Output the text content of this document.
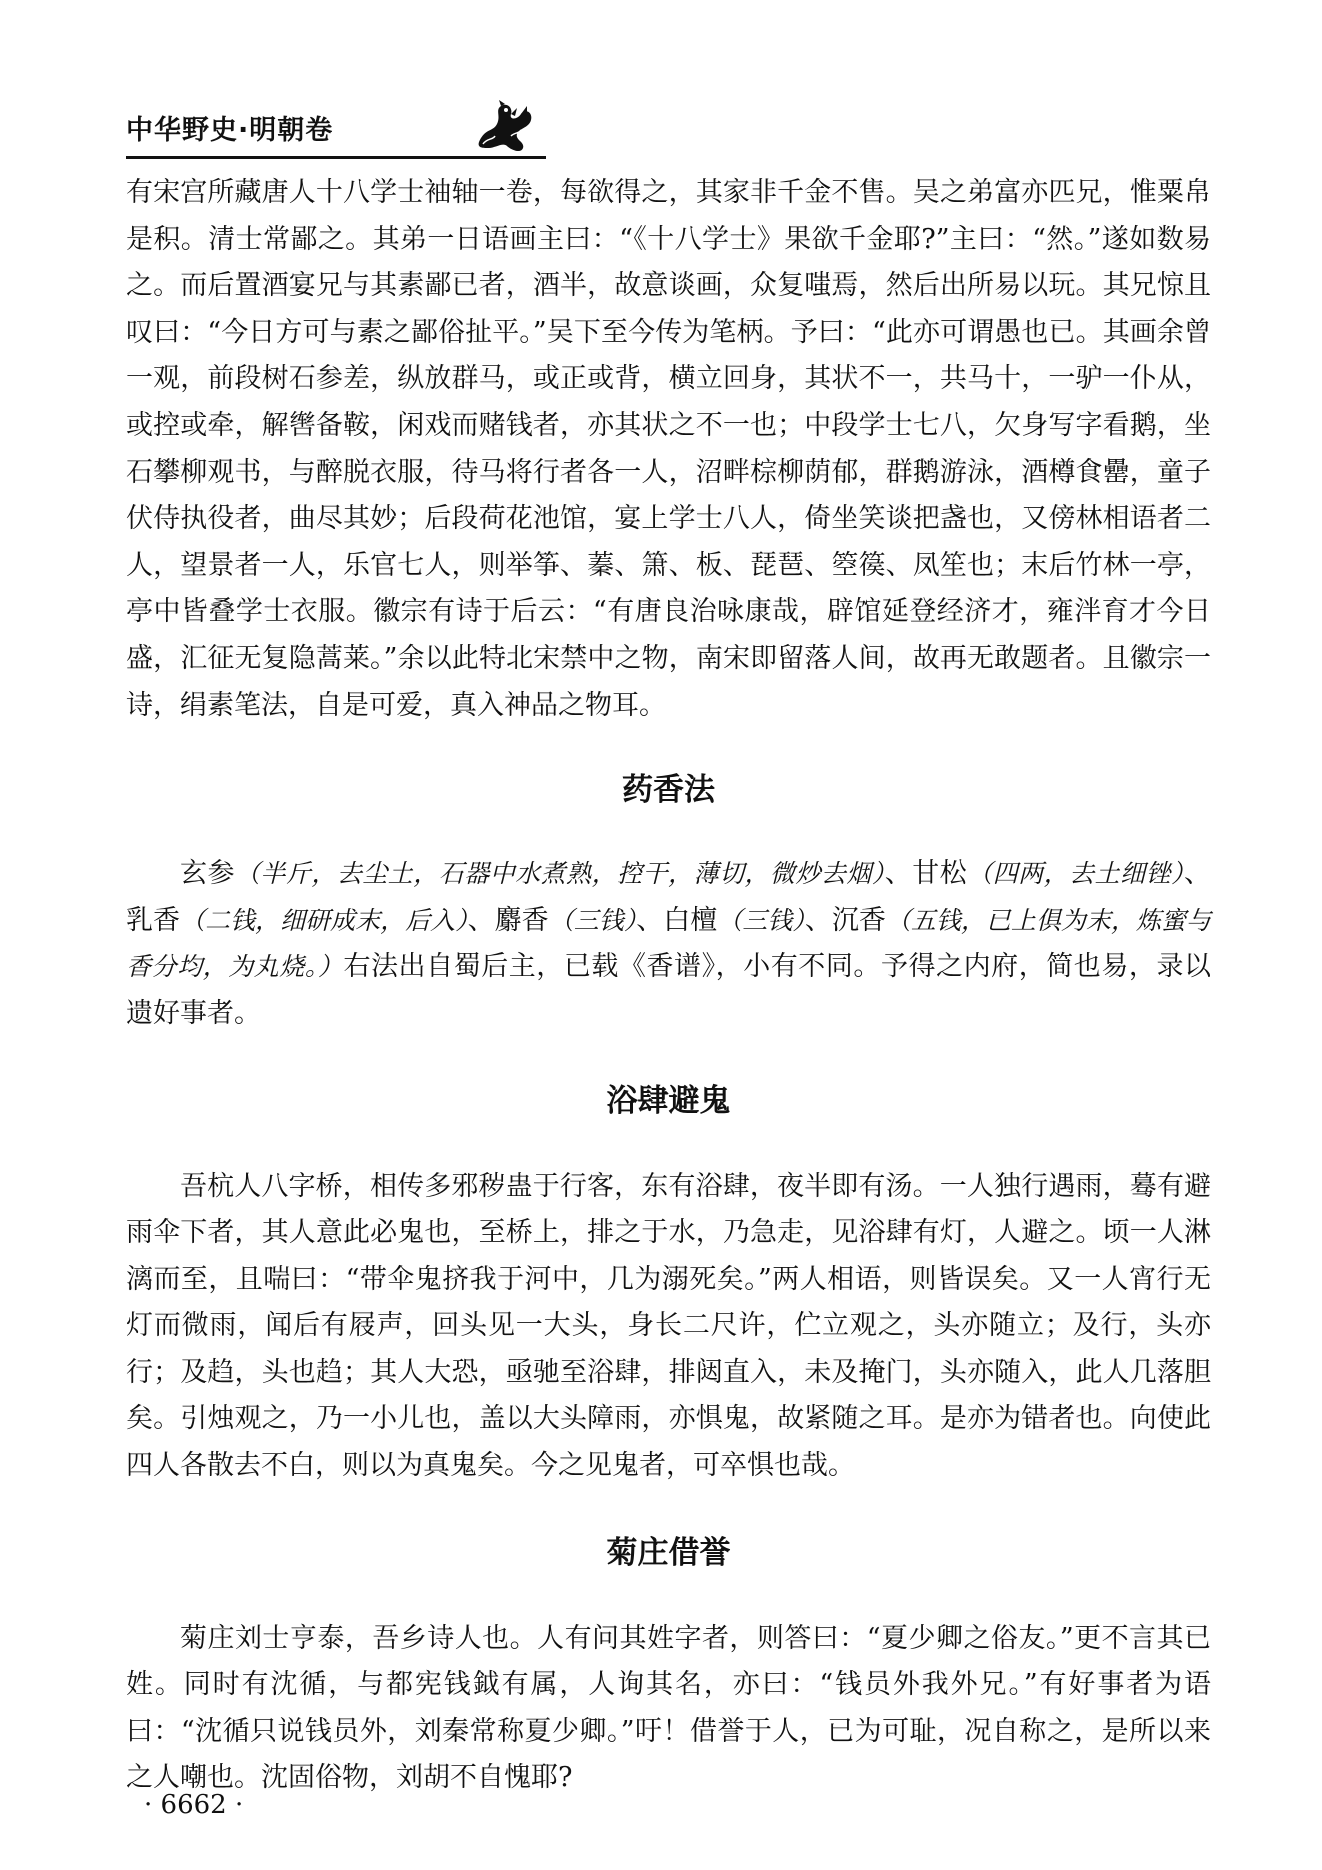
中华野史·明朝卷

有宋宫所藏唐人十八学士袖轴一卷，每欲得之，其家非千金不售。吴之弟富亦匹兄，惟粟帛是积。清士常鄙之。其弟一日语画主曰：“《十八学士》果欲千金耶?”主曰：“然。”遂如数易之。而后置酒宴兄与其素鄙已者，酒半，故意谈画，众复嗤焉，然后出所易以玩。其兄惊且叹曰：“今日方可与素之鄙俗扯平。”吴下至今传为笔柄。予曰：“此亦可谓愚也已。其画余曾一观，前段树石参差，纵放群马，或正或背，横立回身，其状不一，共马十，一驴一仆从，或控或牵，解辔备鞍，闲戏而赌钱者，亦其状之不一也；中段学士七八，欠身写字看鹅，坐石攀柳观书，与醉脱衣服，待马将行者各一人，沼畔棕柳荫郁，群鹅游泳，酒樽食罍，童子伏侍执役者，曲尽其妙；后段荷花池馆，宴上学士八人，倚坐笑谈把盏也，又傍林相语者二人，望景者一人，乐官七人，则举筝、蓁、箫、板、琵琶、箜篌、凤笙也；末后竹林一亭，亭中皆叠学士衣服。徽宗有诗于后云：“有唐良治咏康哉，辟馆延登经济才，雍泮育才今日盛，汇征无复隐蒿莱。”余以此特北宋禁中之物，南宋即留落人间，故再无敢题者。且徽宗一诗，绢素笔法，自是可爱，真入神品之物耳。

药香法

玄参（半斤，去尘土，石器中水煮熟，控干，薄切，微炒去烟）、甘松（四两，去土细锉）、乳香（二钱，细研成末，后入）、麝香（三钱）、白檀（三钱）、沉香（五钱，已上俱为末，炼蜜与香分均，为丸烧。）右法出自蜀后主，已载《香谱》，小有不同。予得之内府，简也易，录以遗好事者。

浴肆避鬼

吾杭人八字桥，相传多邪秽蛊于行客，东有浴肆，夜半即有汤。一人独行遇雨，蓦有避雨伞下者，其人意此必鬼也，至桥上，排之于水，乃急走，见浴肆有灯，人避之。顷一人淋漓而至，且喘曰：“带伞鬼挤我于河中，几为溺死矣。”两人相语，则皆误矣。又一人宵行无灯而微雨，闻后有屐声，回头见一大头，身长二尺许，伫立观之，头亦随立；及行，头亦行；及趋，头也趋；其人大恐，亟驰至浴肆，排闼直入，未及掩门，头亦随入，此人几落胆矣。引烛观之，乃一小儿也，盖以大头障雨，亦惧鬼，故紧随之耳。是亦为错者也。向使此四人各散去不白，则以为真鬼矣。今之见鬼者，可卒惧也哉。

菊庄借誉

菊庄刘士亨泰，吾乡诗人也。人有问其姓字者，则答曰：“夏少卿之俗友。”更不言其已姓。同时有沈循，与都宪钱鉞有属，人询其名，亦曰：“钱员外我外兄。”有好事者为语曰：“沈循只说钱员外，刘秦常称夏少卿。”吁！借誉于人，已为可耻，况自称之，是所以来之人嘲也。沈固俗物，刘胡不自愧耶?

· 6662 ·
